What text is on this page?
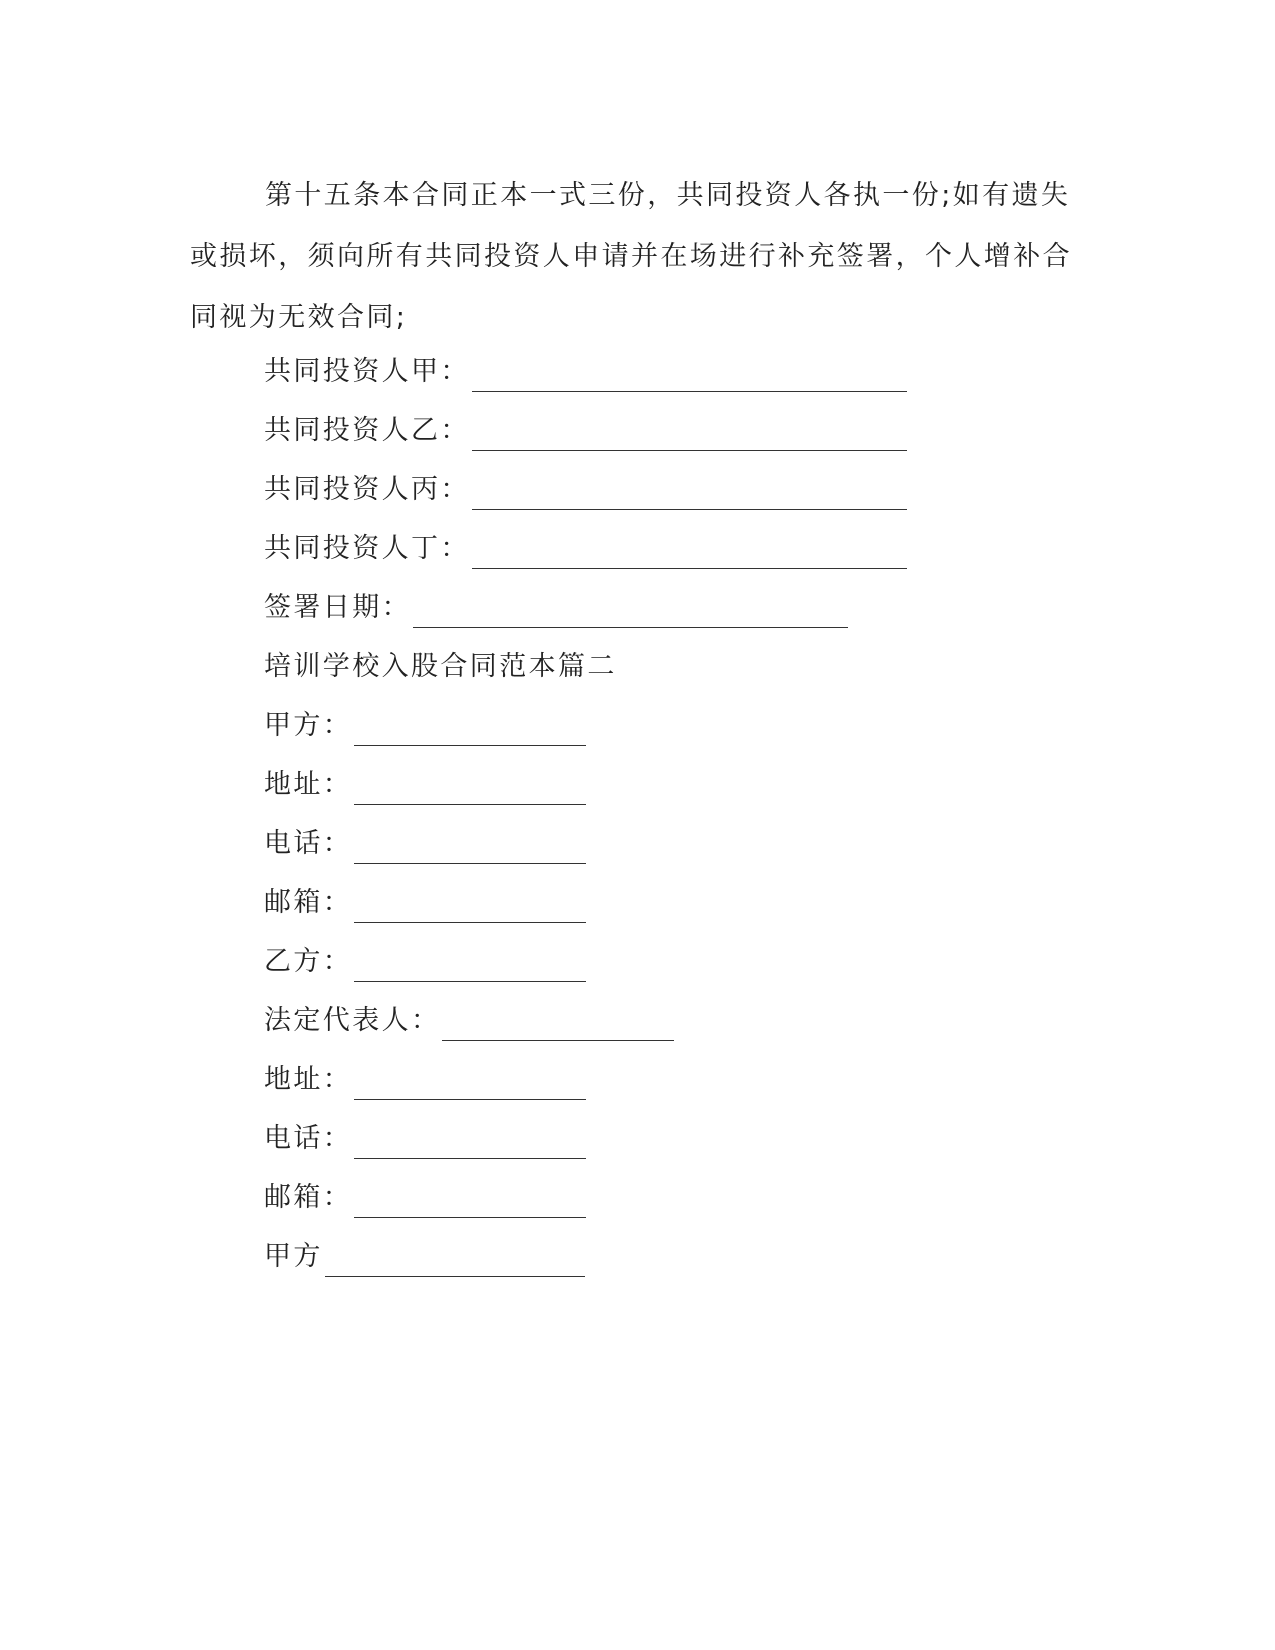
第十五条本合同正本一式三份，共同投资人各执一份;如有遗失或损坏，须向所有共同投资人申请并在场进行补充签署，个人增补合同视为无效合同;

共同投资人甲：
共同投资人乙：
共同投资人丙：
共同投资人丁：
签署日期：
培训学校入股合同范本篇二
甲方：
地址：
电话：
邮箱：
乙方：
法定代表人：
地址：
电话：
邮箱：
甲方
